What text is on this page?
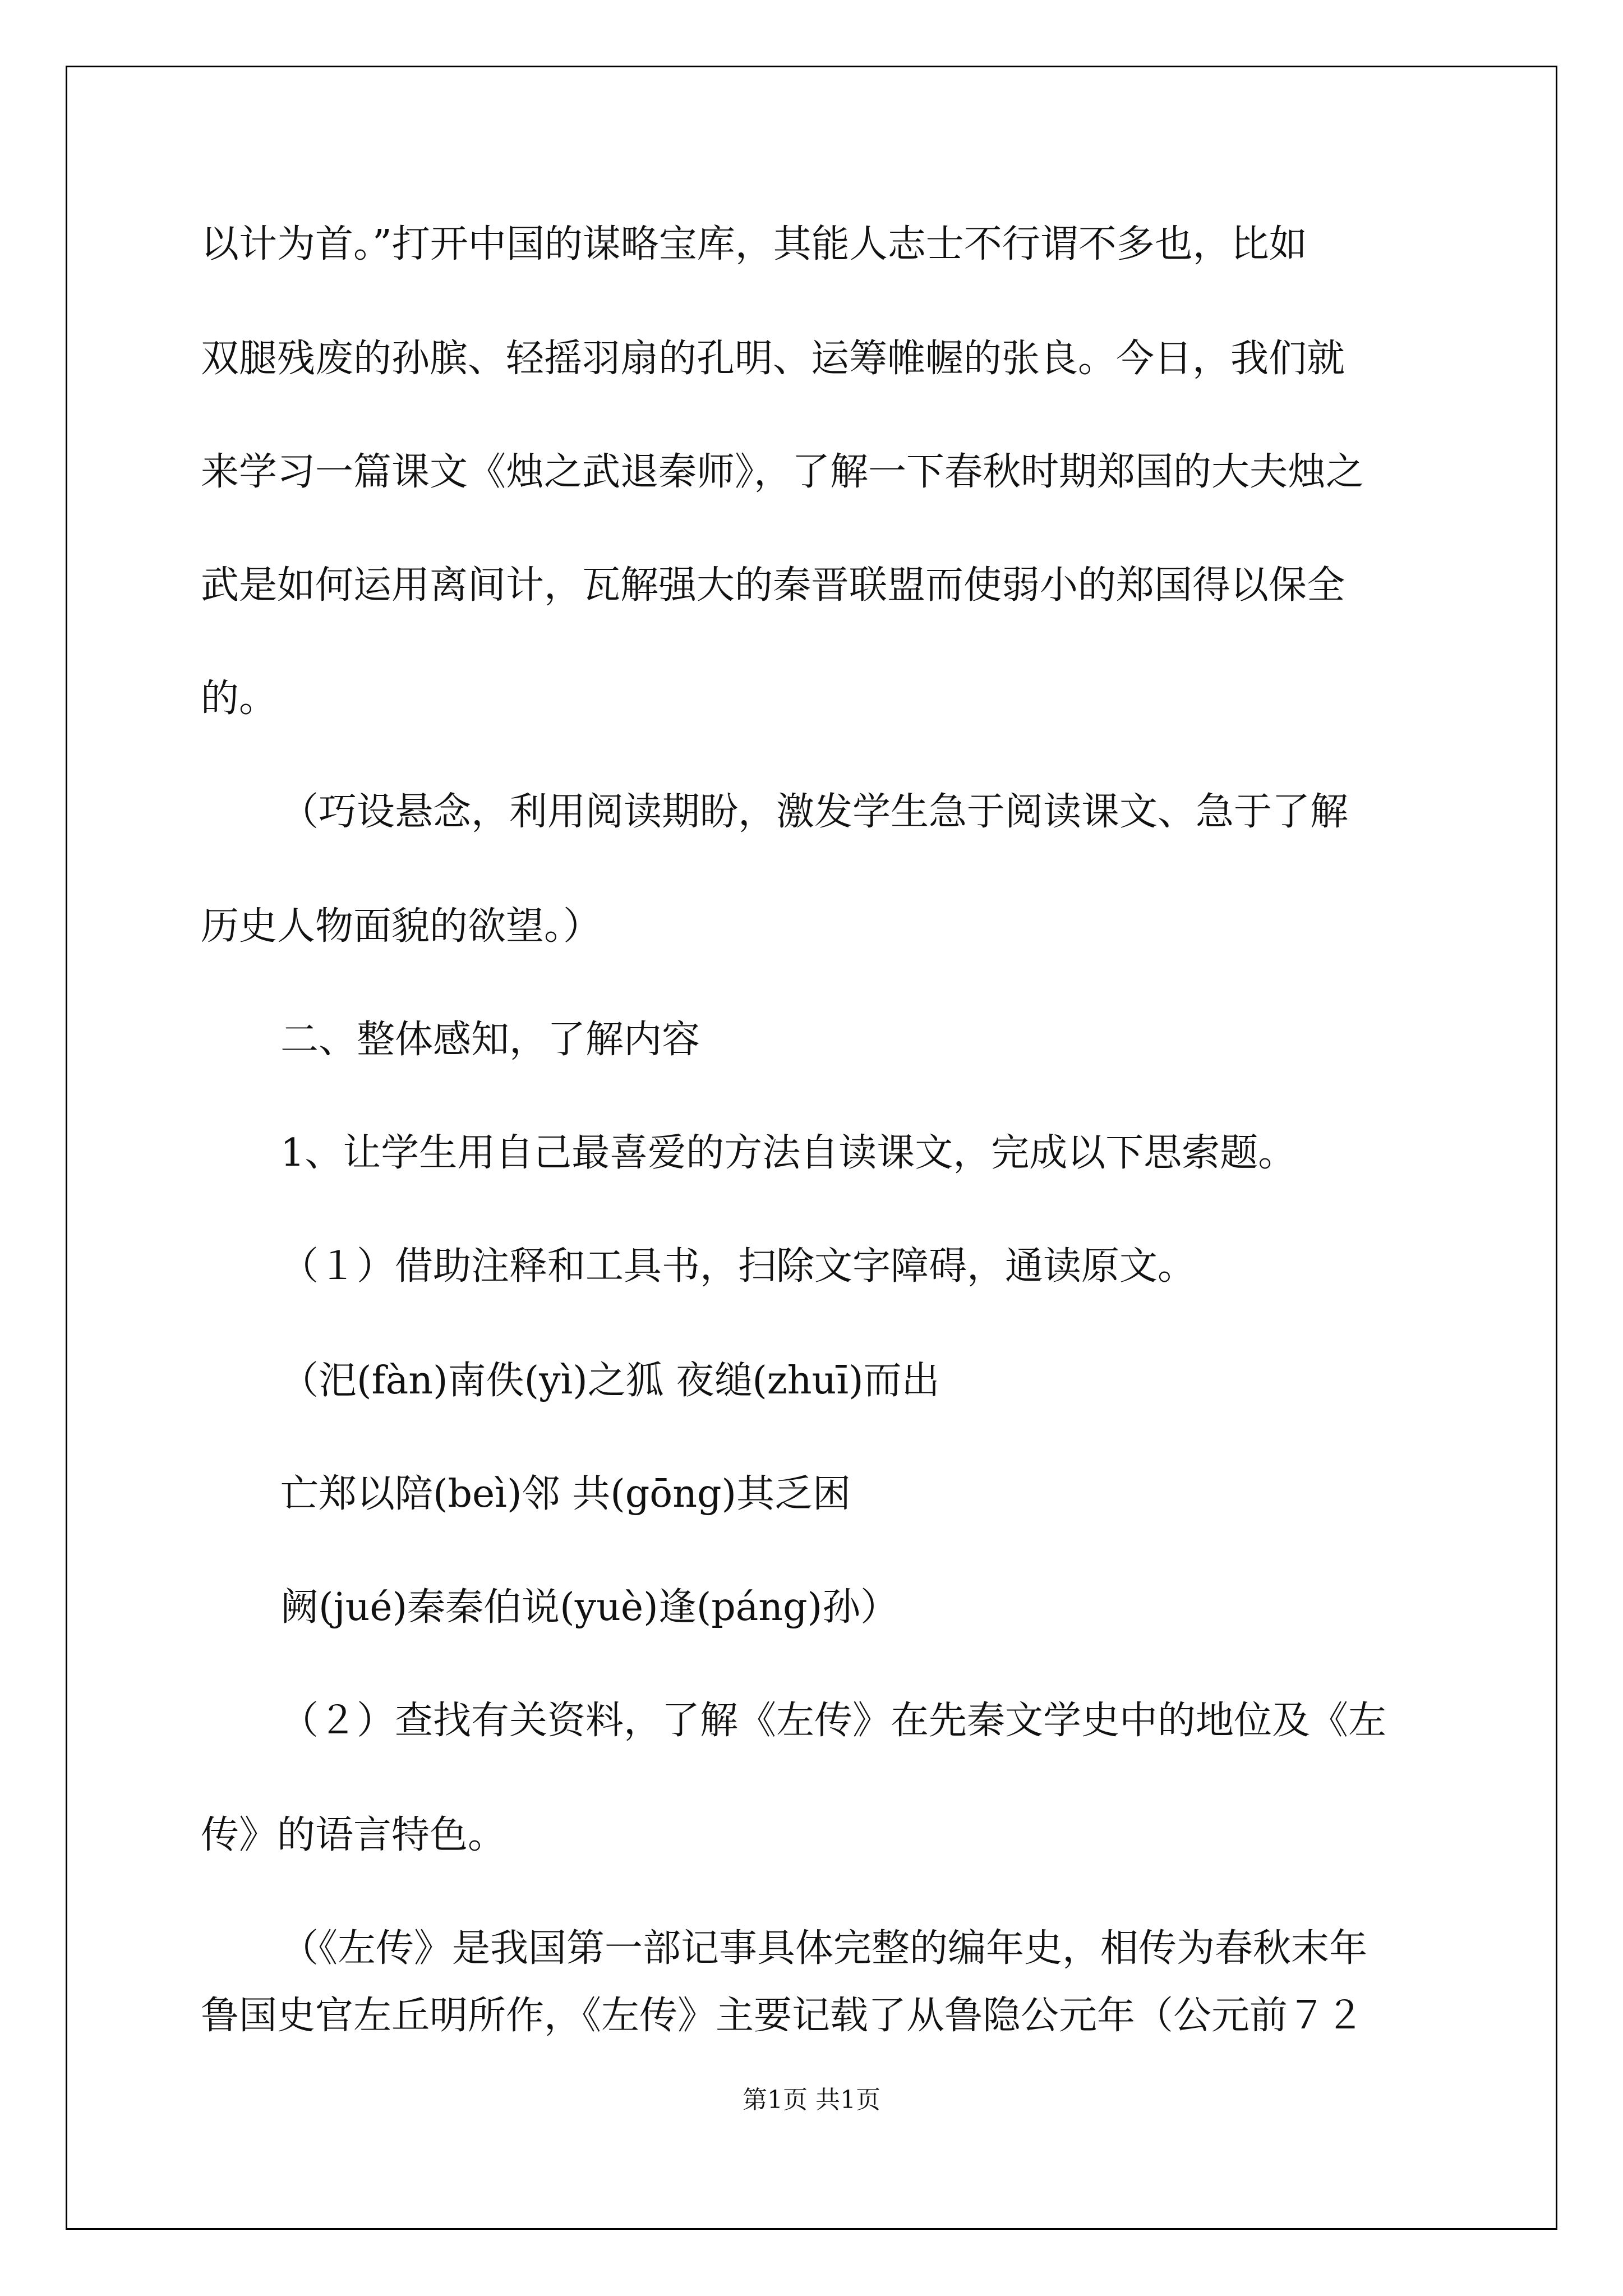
以计为首。”打开中国的谋略宝库，其能人志士不行谓不多也，比如
双腿残废的孙膑、轻摇羽扇的孔明、运筹帷幄的张良。今日，我们就
来学习一篇课文《烛之武退秦师》，了解一下春秋时期郑国的大夫烛之
武是如何运用离间计，瓦解强大的秦晋联盟而使弱小的郑国得以保全
的。
（巧设悬念，利用阅读期盼，激发学生急于阅读课文、急于了解
历史人物面貌的欲望。）
二、整体感知，了解内容
1、让学生用自己最喜爱的方法自读课文，完成以下思索题。
（１）借助注释和工具书，扫除文字障碍，通读原文。
（汜(fàn)南佚(yì)之狐 夜缒(zhuī)而出
亡郑以陪(beì)邻 共(gōng)其乏困
阙(jué)秦秦伯说(yuè)逢(páng)孙）
（２）查找有关资料，了解《左传》在先秦文学史中的地位及《左
传》的语言特色。
（《左传》是我国第一部记事具体完整的编年史，相传为春秋末年
鲁国史官左丘明所作，《左传》主要记载了从鲁隐公元年（公元前７２
第1页 共1页
